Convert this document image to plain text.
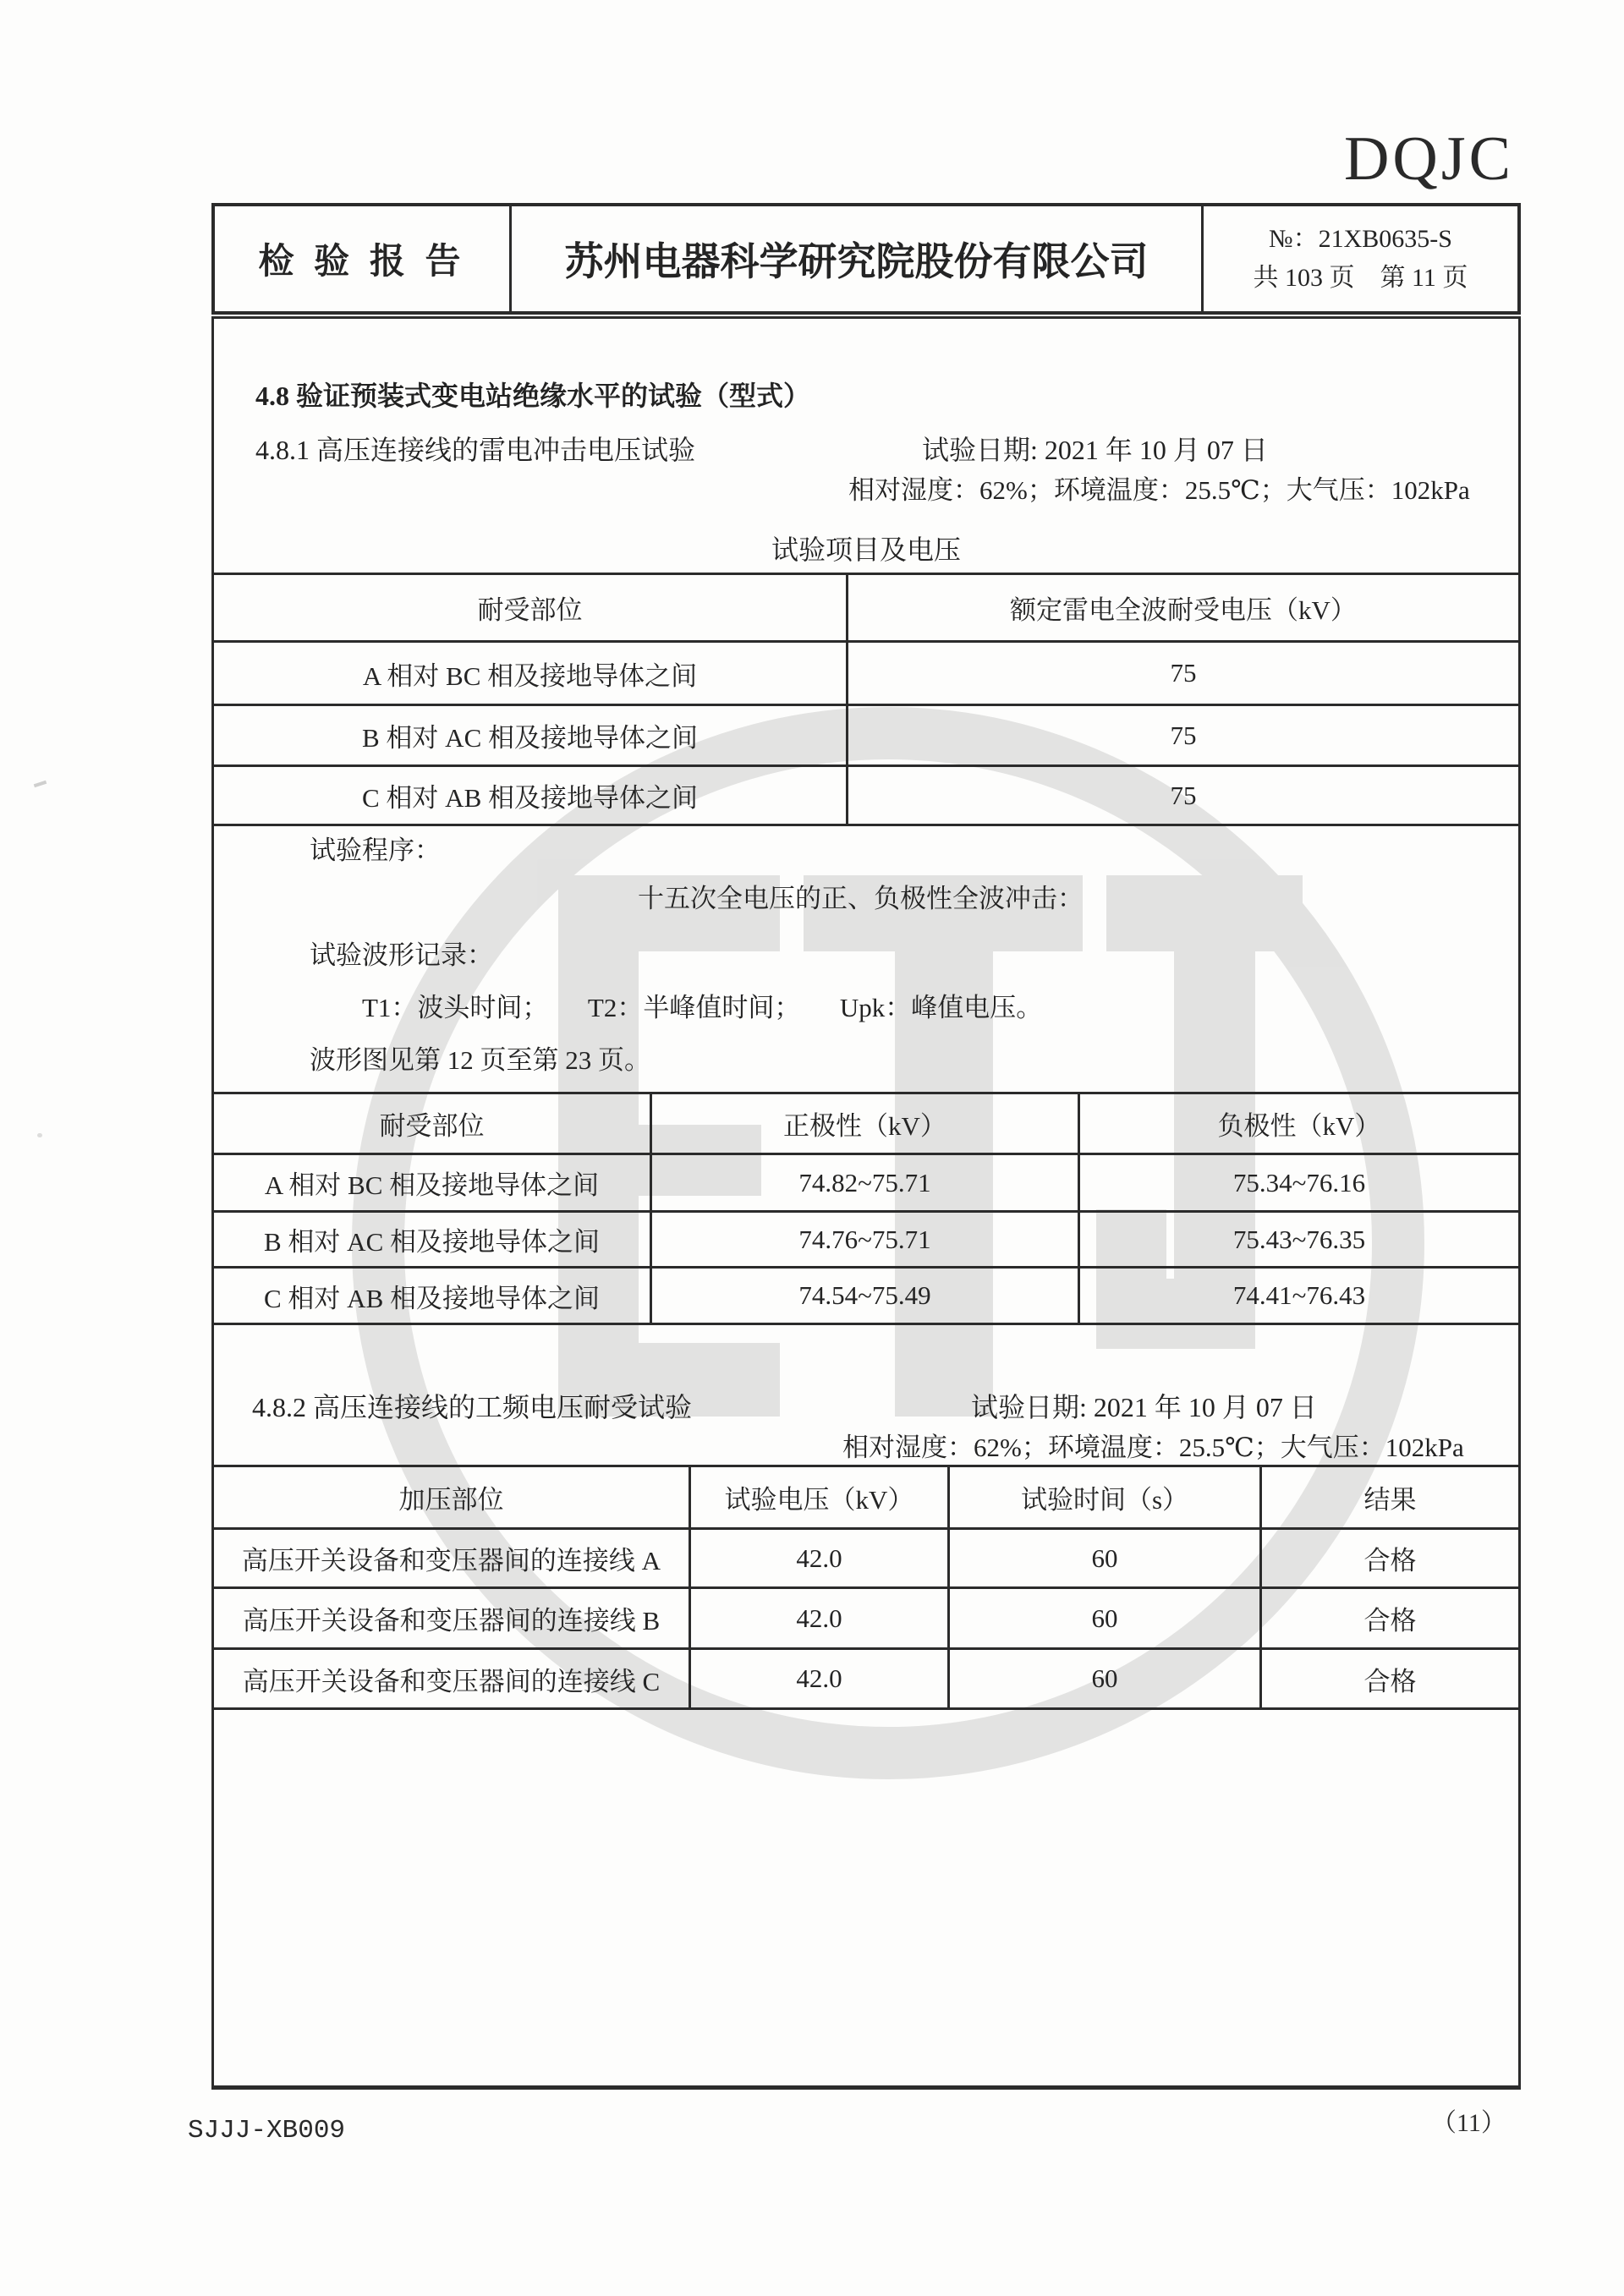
DQJC
检 验 报 告	苏州电器科学研究院股份有限公司
№：21XB0635-S
共 103 页　第 11 页
4.8 验证预装式变电站绝缘水平的试验（型式）
4.8.1 高压连接线的雷电冲击电压试验	试验日期: 2021 年 10 月 07 日
相对湿度：62%；环境温度：25.5℃；大气压：102kPa
试验项目及电压
耐受部位	额定雷电全波耐受电压（kV）
A 相对 BC 相及接地导体之间	75
B 相对 AC 相及接地导体之间	75
C 相对 AB 相及接地导体之间	75
试验程序：
十五次全电压的正、负极性全波冲击：
试验波形记录：
T1：波头时间；　　T2：半峰值时间；　　Upk：峰值电压。
波形图见第 12 页至第 23 页。
耐受部位	正极性（kV）	负极性（kV）
A 相对 BC 相及接地导体之间	74.82~75.71	75.34~76.16
B 相对 AC 相及接地导体之间	74.76~75.71	75.43~76.35
C 相对 AB 相及接地导体之间	74.54~75.49	74.41~76.43
4.8.2 高压连接线的工频电压耐受试验	试验日期: 2021 年 10 月 07 日
相对湿度：62%；环境温度：25.5℃；大气压：102kPa
加压部位	试验电压（kV）	试验时间（s）	结果
高压开关设备和变压器间的连接线 A	42.0	60	合格
高压开关设备和变压器间的连接线 B	42.0	60	合格
高压开关设备和变压器间的连接线 C	42.0	60	合格
SJJJ-XB009	（11）
